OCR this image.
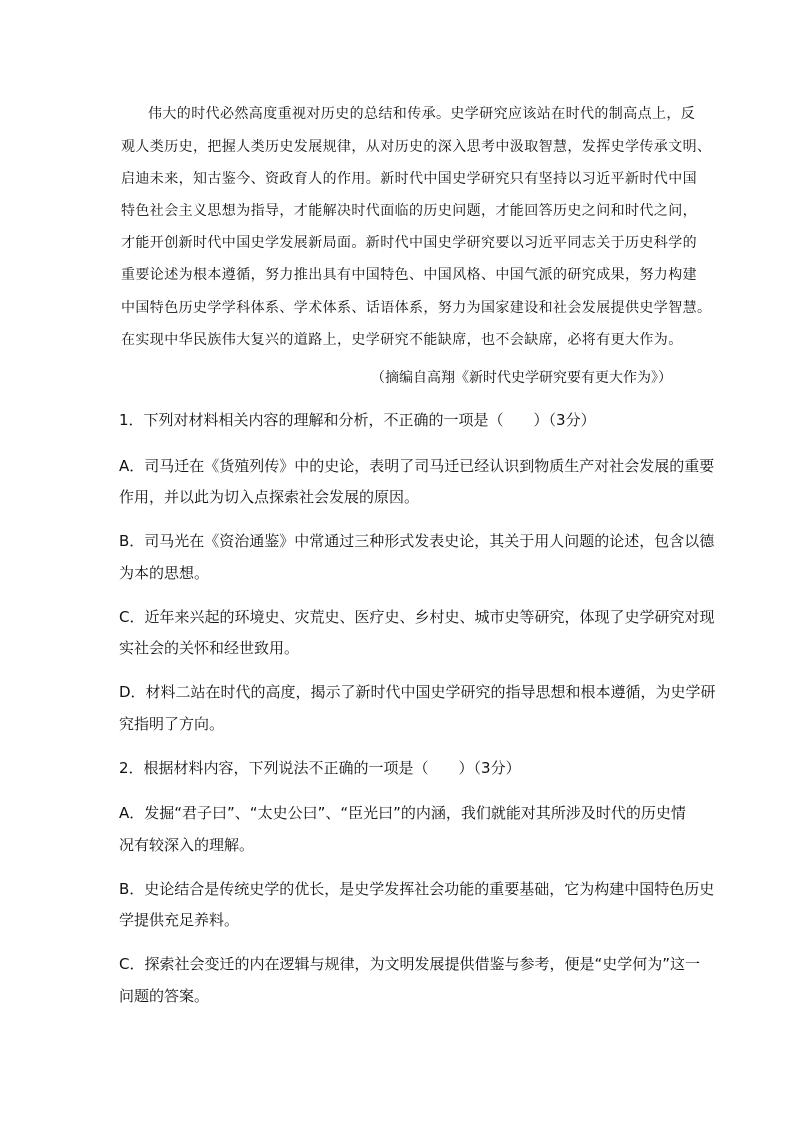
伟大的时代必然高度重视对历史的总结和传承。史学研究应该站在时代的制高点上，反
观人类历史，把握人类历史发展规律，从对历史的深入思考中汲取智慧，发挥史学传承文明、
启迪未来，知古鉴今、资政育人的作用。新时代中国史学研究只有坚持以习近平新时代中国
特色社会主义思想为指导，才能解决时代面临的历史问题，才能回答历史之问和时代之问，
才能开创新时代中国史学发展新局面。新时代中国史学研究要以习近平同志关于历史科学的
重要论述为根本遵循，努力推出具有中国特色、中国风格、中国气派的研究成果，努力构建
中国特色历史学学科体系、学术体系、话语体系，努力为国家建设和社会发展提供史学智慧。
在实现中华民族伟大复兴的道路上，史学研究不能缺席，也不会缺席，必将有更大作为。
（摘编自高翔《新时代史学研究要有更大作为》）
1．下列对材料相关内容的理解和分析，不正确的一项是（　　）（3分）
A．司马迁在《货殖列传》中的史论，表明了司马迁已经认识到物质生产对社会发展的重要
作用，并以此为切入点探索社会发展的原因。
B．司马光在《资治通鉴》中常通过三种形式发表史论，其关于用人问题的论述，包含以德
为本的思想。
C．近年来兴起的环境史、灾荒史、医疗史、乡村史、城市史等研究，体现了史学研究对现
实社会的关怀和经世致用。
D．材料二站在时代的高度，揭示了新时代中国史学研究的指导思想和根本遵循，为史学研
究指明了方向。
2．根据材料内容，下列说法不正确的一项是（　　）（3分）
A．发掘“君子曰”、“太史公曰”、“臣光曰”的内涵，我们就能对其所涉及时代的历史情
况有较深入的理解。
B．史论结合是传统史学的优长，是史学发挥社会功能的重要基础，它为构建中国特色历史
学提供充足养料。
C．探索社会变迁的内在逻辑与规律，为文明发展提供借鉴与参考，便是“史学何为”这一
问题的答案。
